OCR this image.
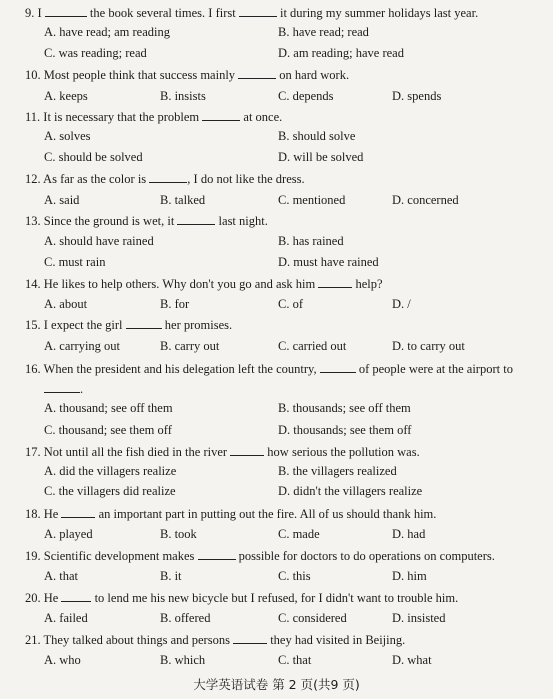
9. I	the book several times. I first	it during my summer holidays last year.
A. have read; am reading	B. have read; read
C. was reading; read	D. am reading; have read
10. Most people think that success mainly	on hard work.
A. keeps	B. insists	C. depends	D. spends
11. It is necessary that the problem	at once.
A. solves	B. should solve
C. should be solved	D. will be solved
12. As far as the color is	, I do not like the dress.
A. said	B. talked	C. mentioned	D. concerned
13. Since the ground is wet, it	last night.
A. should have rained	B. has rained
C. must rain	D. must have rained
14. He likes to help others. Why don't you go and ask him	help?
A. about	B. for	C. of	D. /
15. I expect the girl	her promises.
A. carrying out	B. carry out	C. carried out	D. to carry out
16. When the president and his delegation left the country,	of people were at the airport to
.
A. thousand; see off them	B. thousands; see off them
C. thousand; see them off	D. thousands; see them off
17. Not until all the fish died in the river	how serious the pollution was.
A. did the villagers realize	B. the villagers realized
C. the villagers did realize	D. didn't the villagers realize
18. He	an important part in putting out the fire. All of us should thank him.
A. played	B. took	C. made	D. had
19. Scientific development makes	possible for doctors to do operations on computers.
A. that	B. it	C. this	D. him
20. He	to lend me his new bicycle but I refused, for I didn't want to trouble him.
A. failed	B. offered	C. considered	D. insisted
21. They talked about things and persons	they had visited in Beijing.
A. who	B. which	C. that	D. what
大学英语试卷 第 2 页(共9 页)
